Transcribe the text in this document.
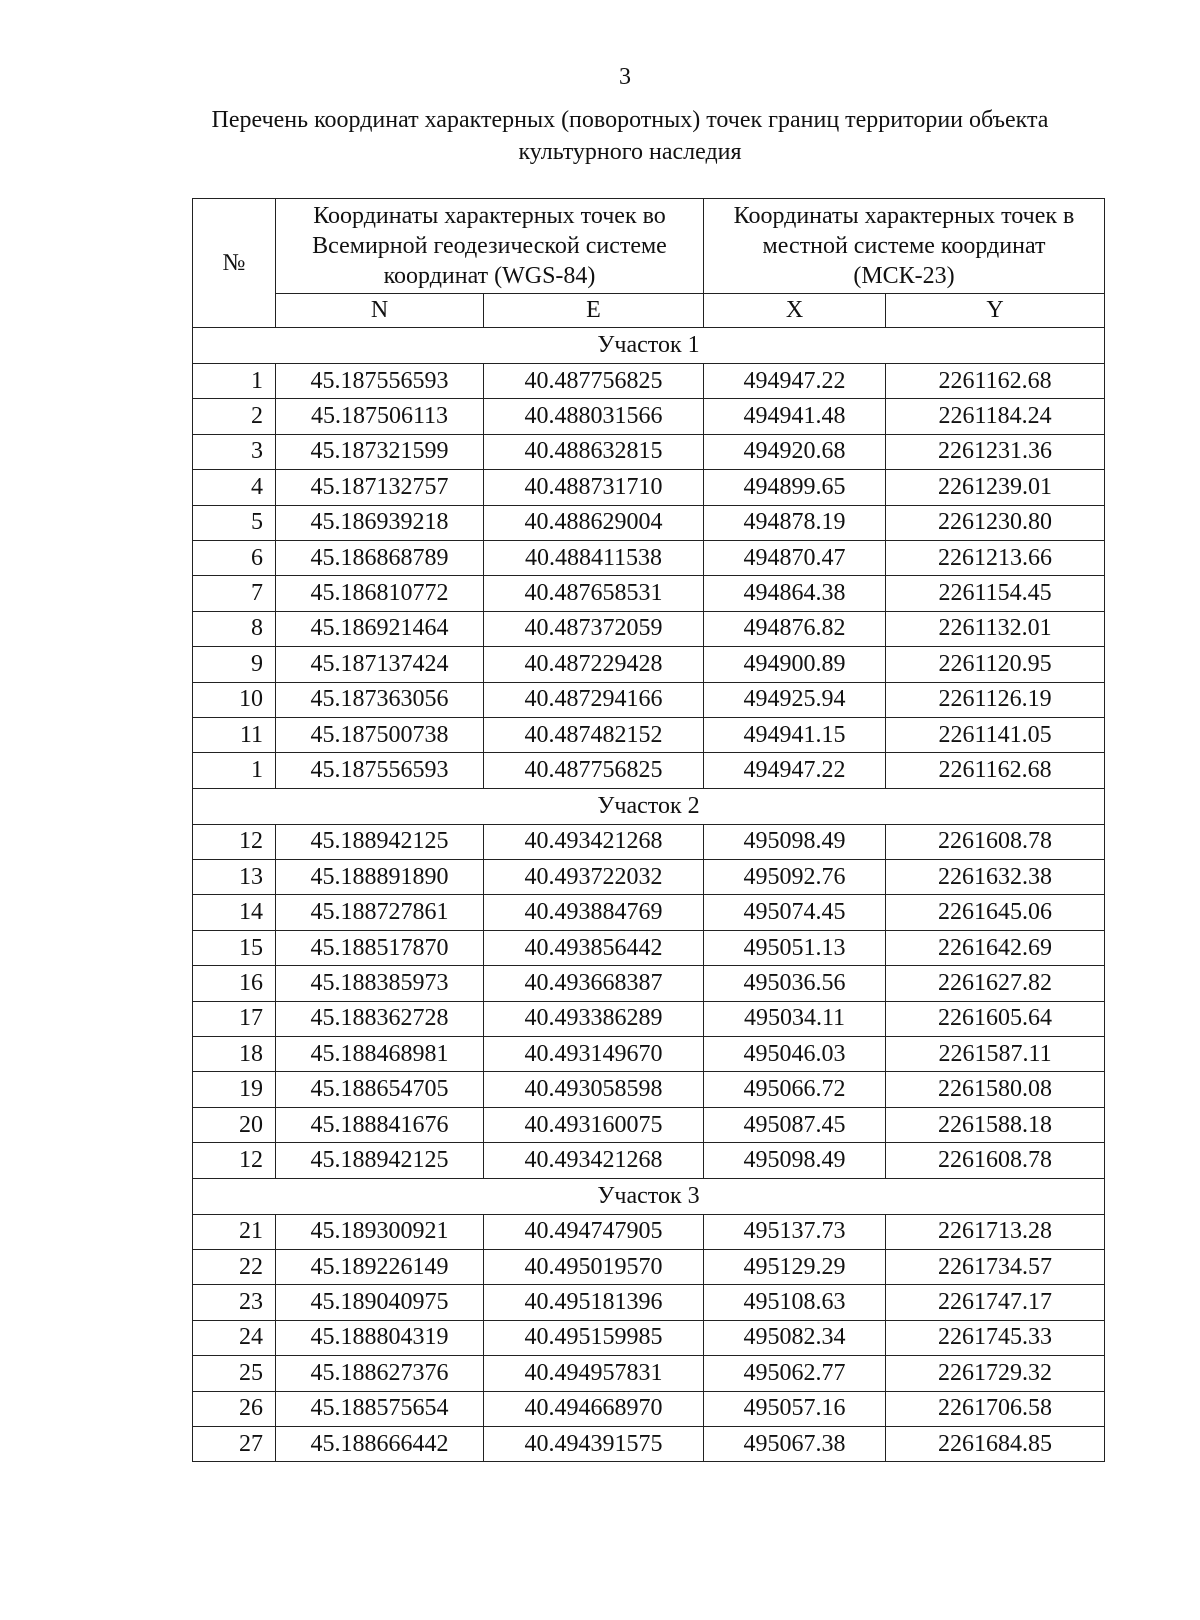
3
Перечень координат характерных (поворотных) точек границ территории объекта культурного наследия
№	Координаты характерных точек во Всемирной геодезической системе координат (WGS-84)		Координаты характерных точек в местной системе координат (МСК-23)	
	N	E	X	Y
Участок 1				
1	45.187556593	40.487756825	494947.22	2261162.68
2	45.187506113	40.488031566	494941.48	2261184.24
3	45.187321599	40.488632815	494920.68	2261231.36
4	45.187132757	40.488731710	494899.65	2261239.01
5	45.186939218	40.488629004	494878.19	2261230.80
6	45.186868789	40.488411538	494870.47	2261213.66
7	45.186810772	40.487658531	494864.38	2261154.45
8	45.186921464	40.487372059	494876.82	2261132.01
9	45.187137424	40.487229428	494900.89	2261120.95
10	45.187363056	40.487294166	494925.94	2261126.19
11	45.187500738	40.487482152	494941.15	2261141.05
1	45.187556593	40.487756825	494947.22	2261162.68
Участок 2				
12	45.188942125	40.493421268	495098.49	2261608.78
13	45.188891890	40.493722032	495092.76	2261632.38
14	45.188727861	40.493884769	495074.45	2261645.06
15	45.188517870	40.493856442	495051.13	2261642.69
16	45.188385973	40.493668387	495036.56	2261627.82
17	45.188362728	40.493386289	495034.11	2261605.64
18	45.188468981	40.493149670	495046.03	2261587.11
19	45.188654705	40.493058598	495066.72	2261580.08
20	45.188841676	40.493160075	495087.45	2261588.18
12	45.188942125	40.493421268	495098.49	2261608.78
Участок 3				
21	45.189300921	40.494747905	495137.73	2261713.28
22	45.189226149	40.495019570	495129.29	2261734.57
23	45.189040975	40.495181396	495108.63	2261747.17
24	45.188804319	40.495159985	495082.34	2261745.33
25	45.188627376	40.494957831	495062.77	2261729.32
26	45.188575654	40.494668970	495057.16	2261706.58
27	45.188666442	40.494391575	495067.38	2261684.85
